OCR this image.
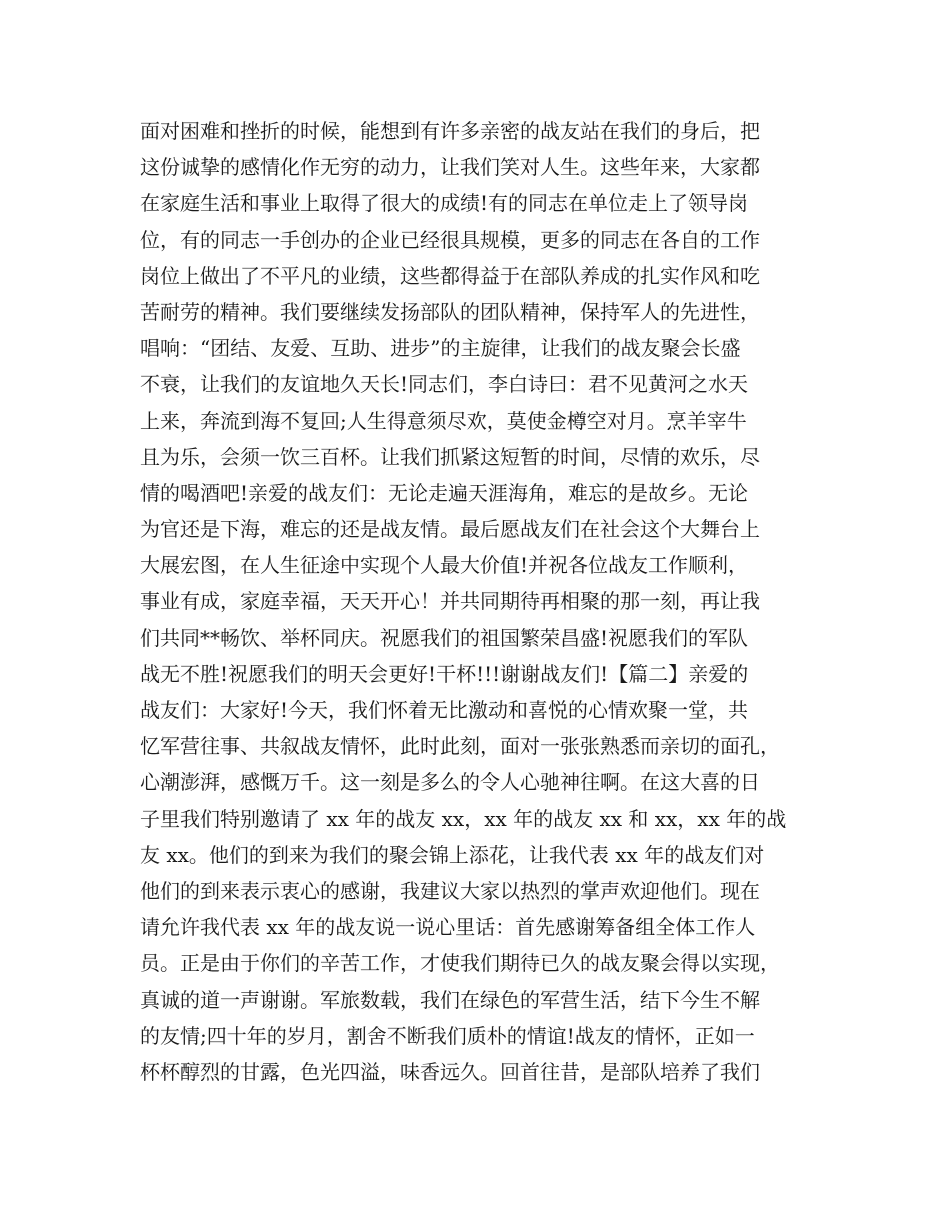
面对困难和挫折的时候，能想到有许多亲密的战友站在我们的身后，把
这份诚挚的感情化作无穷的动力，让我们笑对人生。这些年来，大家都
在家庭生活和事业上取得了很大的成绩!有的同志在单位走上了领导岗
位，有的同志一手创办的企业已经很具规模，更多的同志在各自的工作
岗位上做出了不平凡的业绩，这些都得益于在部队养成的扎实作风和吃
苦耐劳的精神。我们要继续发扬部队的团队精神，保持军人的先进性，
唱响：“团结、友爱、互助、进步”的主旋律，让我们的战友聚会长盛
不衰，让我们的友谊地久天长!同志们，李白诗曰：君不见黄河之水天
上来，奔流到海不复回;人生得意须尽欢，莫使金樽空对月。烹羊宰牛
且为乐，会须一饮三百杯。让我们抓紧这短暂的时间，尽情的欢乐，尽
情的喝酒吧!亲爱的战友们：无论走遍天涯海角，难忘的是故乡。无论
为官还是下海，难忘的还是战友情。最后愿战友们在社会这个大舞台上
大展宏图，在人生征途中实现个人最大价值!并祝各位战友工作顺利，
事业有成，家庭幸福，天天开心！并共同期待再相聚的那一刻，再让我
们共同**畅饮、举杯同庆。祝愿我们的祖国繁荣昌盛!祝愿我们的军队
战无不胜!祝愿我们的明天会更好!干杯!!!谢谢战友们!【篇二】亲爱的
战友们：大家好!今天，我们怀着无比激动和喜悦的心情欢聚一堂，共
忆军营往事、共叙战友情怀，此时此刻，面对一张张熟悉而亲切的面孔，
心潮澎湃，感慨万千。这一刻是多么的令人心驰神往啊。在这大喜的日
子里我们特别邀请了 xx 年的战友 xx，xx 年的战友 xx 和 xx，xx 年的战
友 xx。他们的到来为我们的聚会锦上添花，让我代表 xx 年的战友们对
他们的到来表示衷心的感谢，我建议大家以热烈的掌声欢迎他们。现在
请允许我代表 xx 年的战友说一说心里话：首先感谢筹备组全体工作人
员。正是由于你们的辛苦工作，才使我们期待已久的战友聚会得以实现，
真诚的道一声谢谢。军旅数载，我们在绿色的军营生活，结下今生不解
的友情;四十年的岁月，割舍不断我们质朴的情谊!战友的情怀，正如一
杯杯醇烈的甘露，色光四溢，味香远久。回首往昔，是部队培养了我们
